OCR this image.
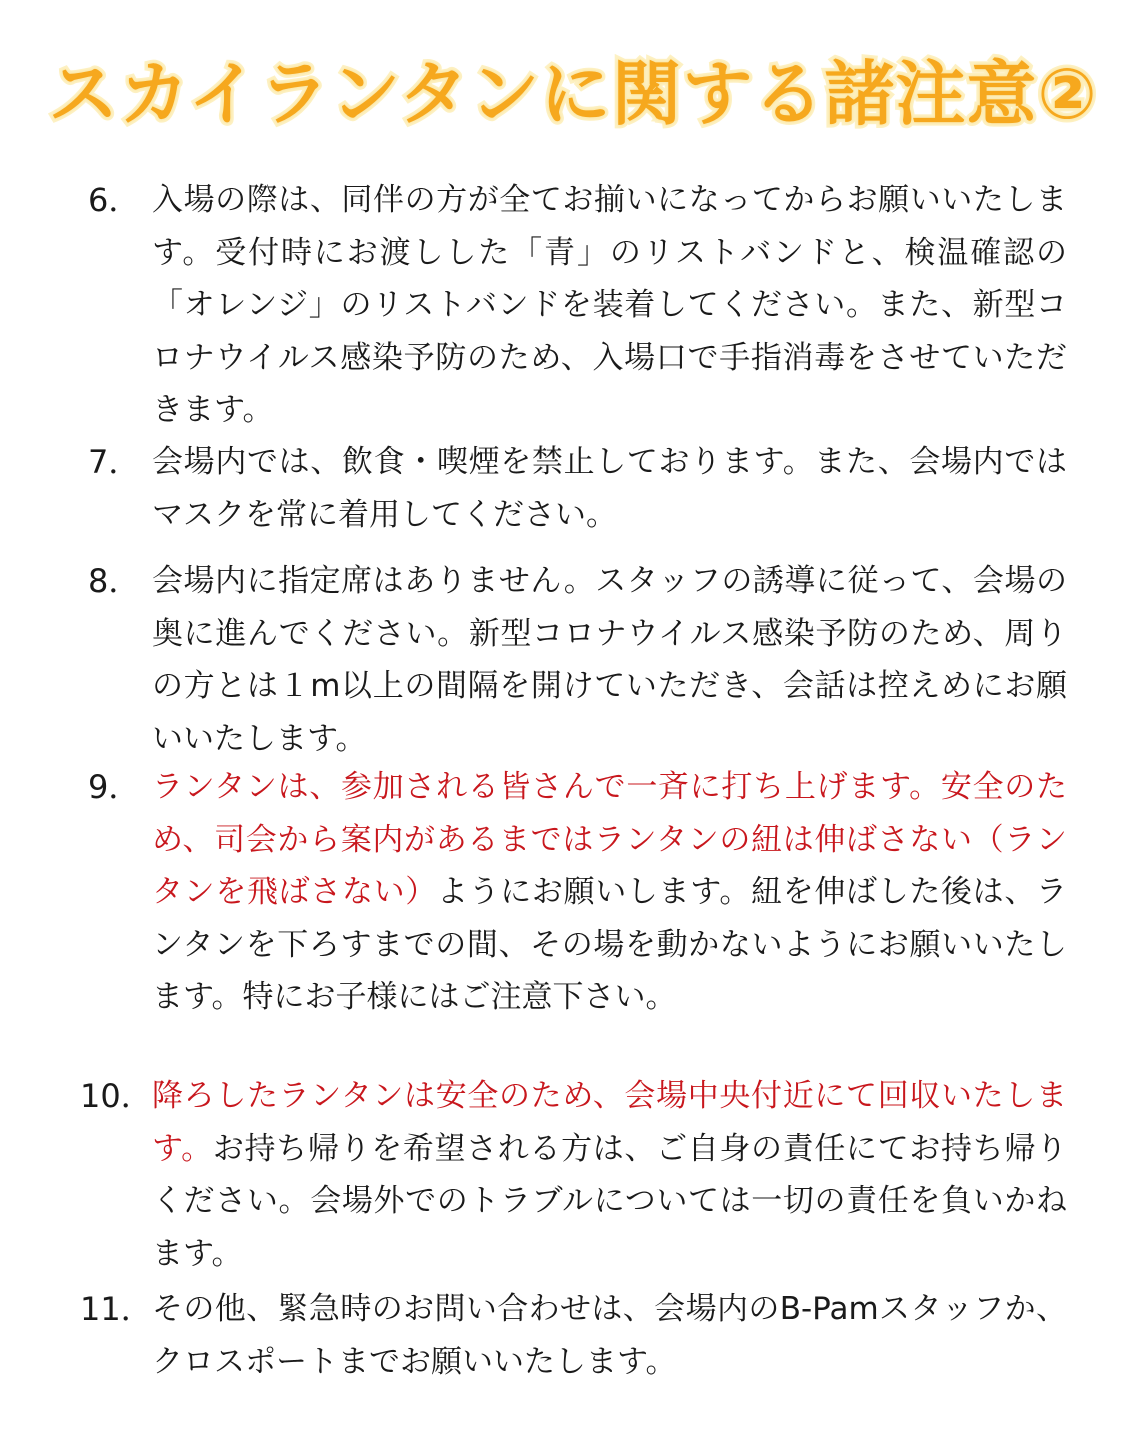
スカイランタンに関する諸注意②
6． 入場の際は、同伴の方が全てお揃いになってからお願いいたします。受付時にお渡しした「青」のリストバンドと、検温確認の「オレンジ」のリストバンドを装着してください。また、新型コロナウイルス感染予防のため、入場口で手指消毒をさせていただきます。
7． 会場内では、飲食・喫煙を禁止しております。また、会場内ではマスクを常に着用してください。
8． 会場内に指定席はありません。スタッフの誘導に従って、会場の奥に進んでください。新型コロナウイルス感染予防のため、周りの方とは１m以上の間隔を開けていただき、会話は控えめにお願いいたします。
9． ランタンは、参加される皆さんで一斉に打ち上げます。安全のため、司会から案内があるまではランタンの紐は伸ばさない（ランタンを飛ばさない）ようにお願いします。紐を伸ばした後は、ランタンを下ろすまでの間、その場を動かないようにお願いいたします。特にお子様にはご注意下さい。
10． 降ろしたランタンは安全のため、会場中央付近にて回収いたします。お持ち帰りを希望される方は、ご自身の責任にてお持ち帰りください。会場外でのトラブルについては一切の責任を負いかねます。
11． その他、緊急時のお問い合わせは、会場内のB-Pamスタッフか、クロスポートまでお願いいたします。
